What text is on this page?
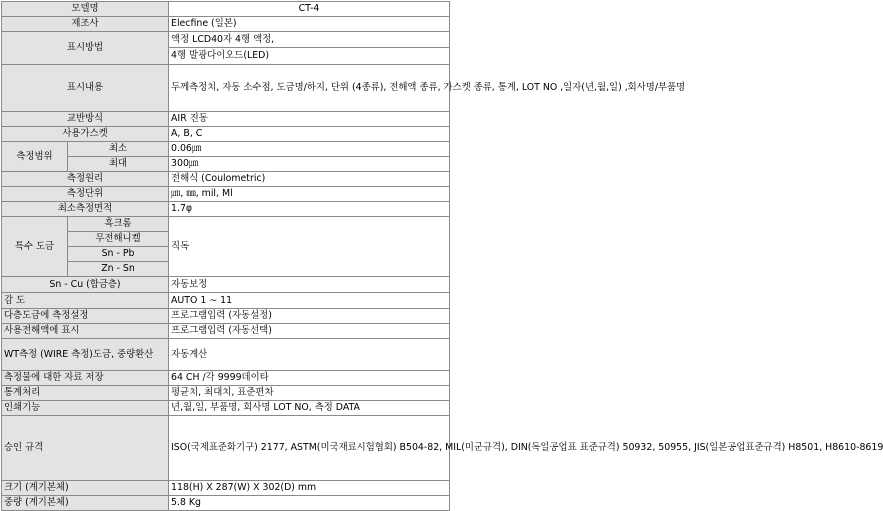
모델명		CT-4
제조사		Elecfine (일본)
표시방법		액정 LCD40자 4행 액정,
		4행 발광다이오드(LED)
표시내용		두께측정치, 자동 소수점, 도금명/하지, 단위 (4종류), 전해액 종류, 가스켓 종류, 통계, LOT NO ,일자(년,월,일) ,회사명/부품명
교반방식		AIR 진동
사용가스켓		A, B, C
측정범위	최소	0.06㎛
	최대	300㎛
측정원리		전해식 (Coulometric)
측정단위		㎛, ㎜, mil, Ml
최소측정면적		1.7φ
특수 도금	흑크롬	직독
	무전해니켈	
	Sn - Pb	
	Zn - Sn	
Sn - Cu (합금층)		자동보정
감 도		AUTO 1 ∼ 11
다층도금에 측정설정		프로그램입력 (자동설정)
사용전해액에 표시		프로그램입력 (자동선택)
WT측정 (WIRE 측정)도금, 중량환산		자동계산
측정물에 대한 자료 저장		64 CH /각 9999데이타
통계처리		평균치, 최대치, 표준편차
인쇄기능		년,월,일, 부품명, 회사명 LOT NO, 측정 DATA
승인 규격		ISO(국제표준화기구) 2177, ASTM(미국재료시험협회) B504-82, MIL(미군규격), DIN(독일공업표 표준규격) 50932, 50955, JIS(일본공업표준규격) H8501, H8610-8619
크기 (계기본체)		118(H) X 287(W) X 302(D) mm
중량 (계기본체)		5.8 Kg
